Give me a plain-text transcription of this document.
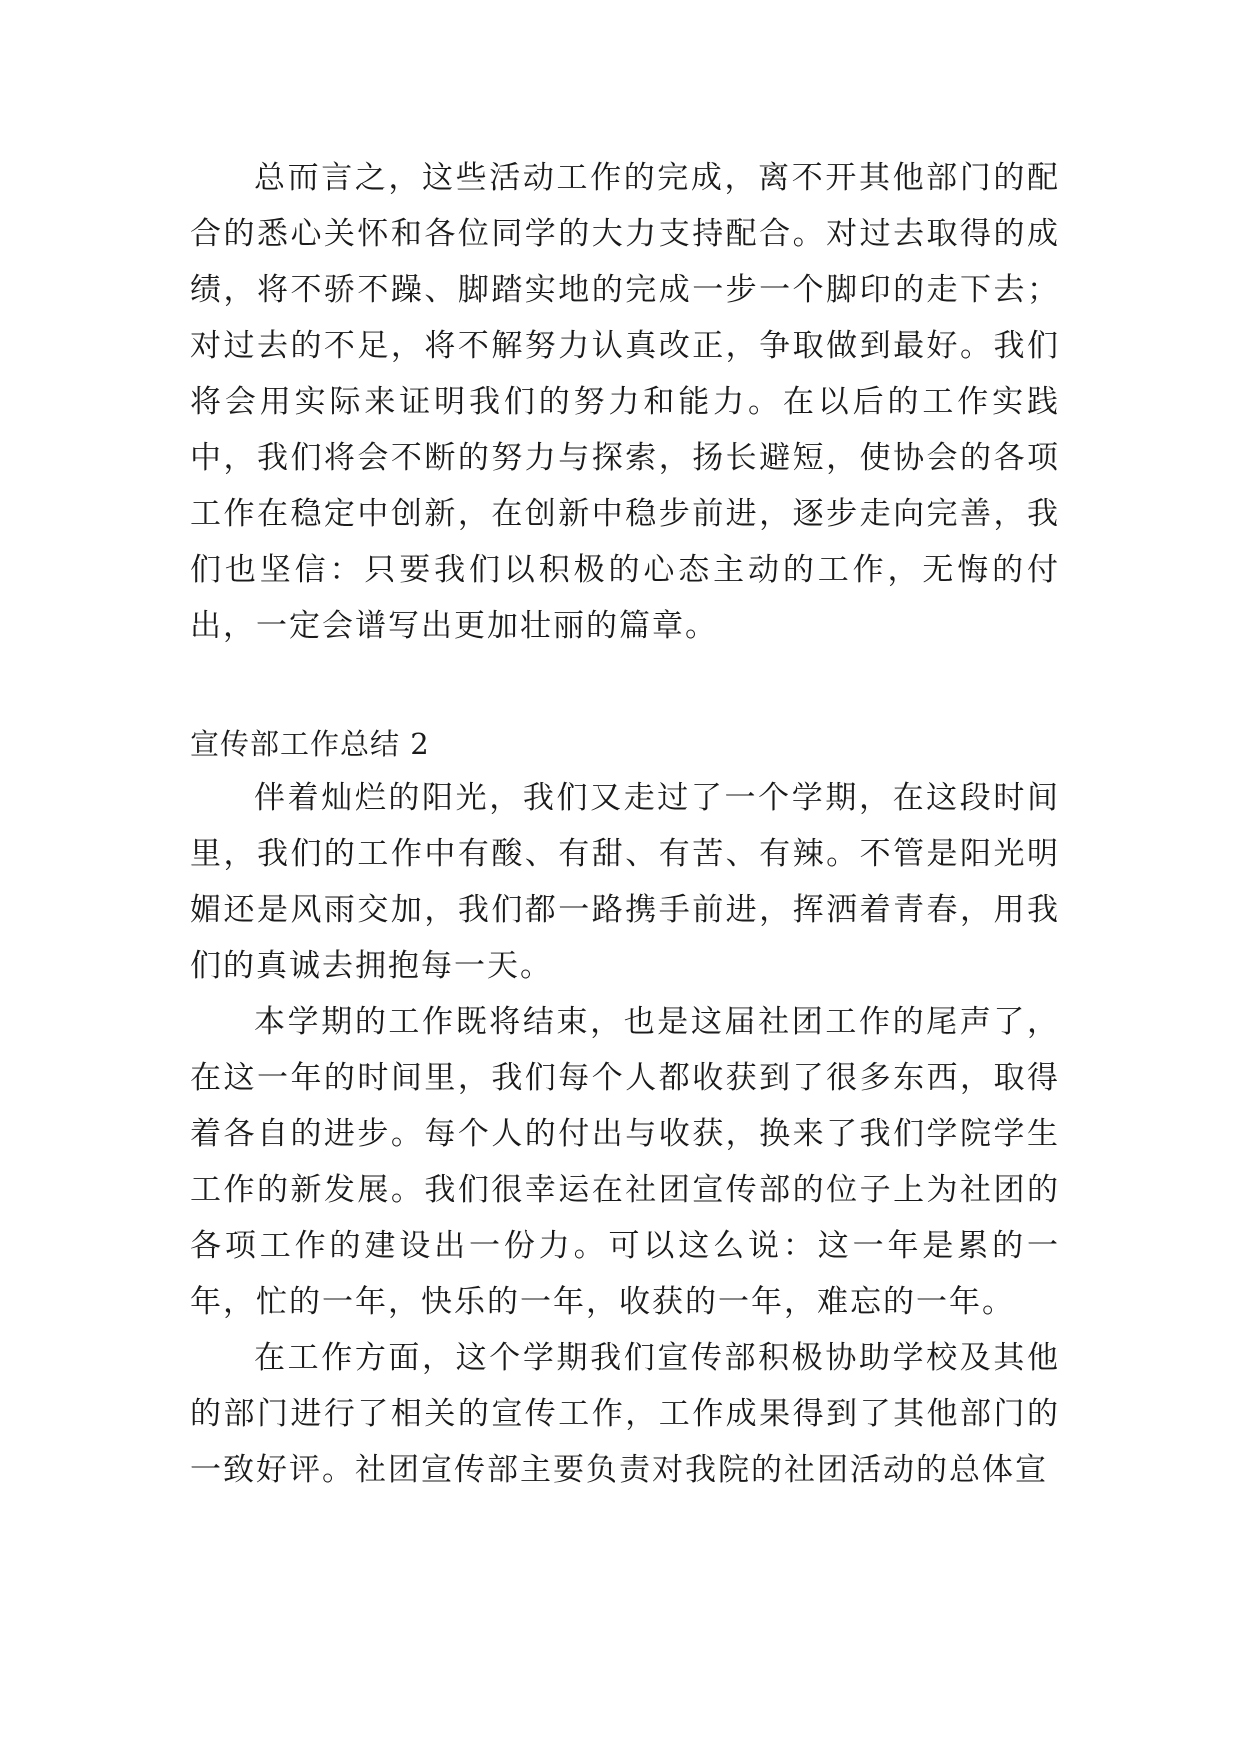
总而言之，这些活动工作的完成，离不开其他部门的配合的悉心关怀和各位同学的大力支持配合。对过去取得的成绩，将不骄不躁、脚踏实地的完成一步一个脚印的走下去；对过去的不足，将不解努力认真改正，争取做到最好。我们将会用实际来证明我们的努力和能力。在以后的工作实践中，我们将会不断的努力与探索，扬长避短，使协会的各项工作在稳定中创新，在创新中稳步前进，逐步走向完善，我们也坚信：只要我们以积极的心态主动的工作，无悔的付出，一定会谱写出更加壮丽的篇章。

宣传部工作总结 2

伴着灿烂的阳光，我们又走过了一个学期，在这段时间里，我们的工作中有酸、有甜、有苦、有辣。不管是阳光明媚还是风雨交加，我们都一路携手前进，挥洒着青春，用我们的真诚去拥抱每一天。

本学期的工作既将结束，也是这届社团工作的尾声了，在这一年的时间里，我们每个人都收获到了很多东西，取得着各自的进步。每个人的付出与收获，换来了我们学院学生工作的新发展。我们很幸运在社团宣传部的位子上为社团的各项工作的建设出一份力。可以这么说：这一年是累的一年，忙的一年，快乐的一年，收获的一年，难忘的一年。

在工作方面，这个学期我们宣传部积极协助学校及其他的部门进行了相关的宣传工作，工作成果得到了其他部门的一致好评。社团宣传部主要负责对我院的社团活动的总体宣
